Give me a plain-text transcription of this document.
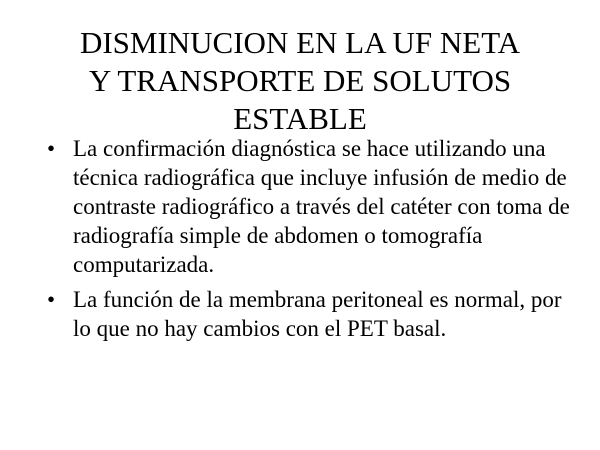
DISMINUCION EN LA UF NETA
Y TRANSPORTE DE SOLUTOS
ESTABLE
• La confirmación diagnóstica se hace utilizando una técnica radiográfica que incluye infusión de medio de contraste radiográfico a través del catéter con toma de radiografía simple de abdomen o tomografía computarizada.
• La función de la membrana peritoneal es normal, por lo que no hay cambios con el PET basal.
